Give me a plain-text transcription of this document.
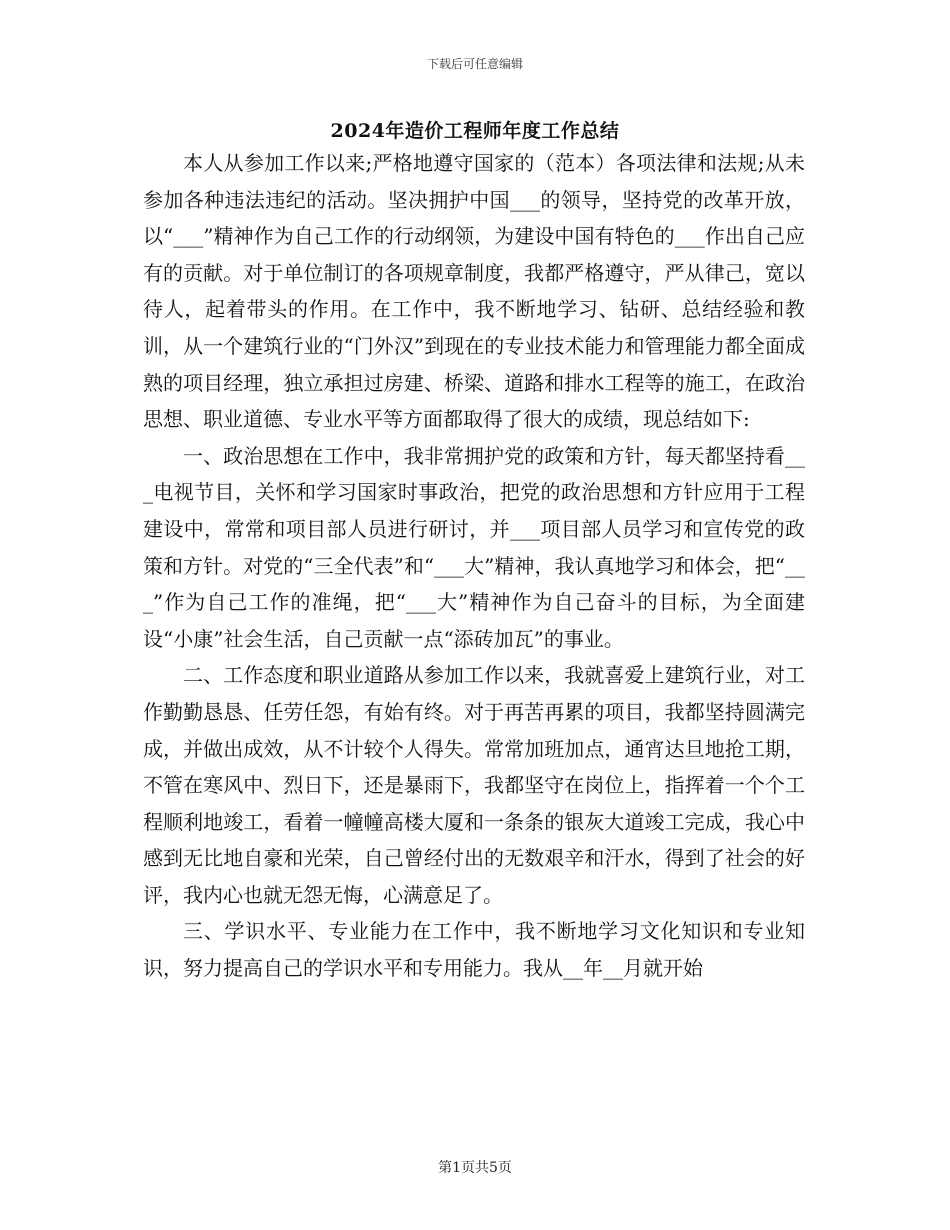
下载后可任意编辑
2024年造价工程师年度工作总结

本人从参加工作以来;严格地遵守国家的（范本）各项法律和法规;从未参加各种违法违纪的活动。坚决拥护中国___的领导，坚持党的改革开放，以“___”精神作为自己工作的行动纲领，为建设中国有特色的___作出自己应有的贡献。对于单位制订的各项规章制度，我都严格遵守，严从律己，宽以待人，起着带头的作用。在工作中，我不断地学习、钻研、总结经验和教训，从一个建筑行业的“门外汉”到现在的专业技术能力和管理能力都全面成熟的项目经理，独立承担过房建、桥梁、道路和排水工程等的施工，在政治思想、职业道德、专业水平等方面都取得了很大的成绩，现总结如下:

一、政治思想在工作中，我非常拥护党的政策和方针，每天都坚持看___电视节目，关怀和学习国家时事政治，把党的政治思想和方针应用于工程建设中，常常和项目部人员进行研讨，并___项目部人员学习和宣传党的政策和方针。对党的“三全代表”和“___大”精神，我认真地学习和体会，把“___”作为自己工作的准绳，把“___大”精神作为自己奋斗的目标，为全面建设“小康”社会生活，自己贡献一点“添砖加瓦”的事业。

二、工作态度和职业道路从参加工作以来，我就喜爱上建筑行业，对工作勤勤恳恳、任劳任怨，有始有终。对于再苦再累的项目，我都坚持圆满完成，并做出成效，从不计较个人得失。常常加班加点，通宵达旦地抢工期，不管在寒风中、烈日下，还是暴雨下，我都坚守在岗位上，指挥着一个个工程顺利地竣工，看着一幢幢高楼大厦和一条条的银灰大道竣工完成，我心中感到无比地自豪和光荣，自己曾经付出的无数艰辛和汗水，得到了社会的好评，我内心也就无怨无悔，心满意足了。

三、学识水平、专业能力在工作中，我不断地学习文化知识和专业知识，努力提高自己的学识水平和专用能力。我从__年__月就开始

第1页共5页
